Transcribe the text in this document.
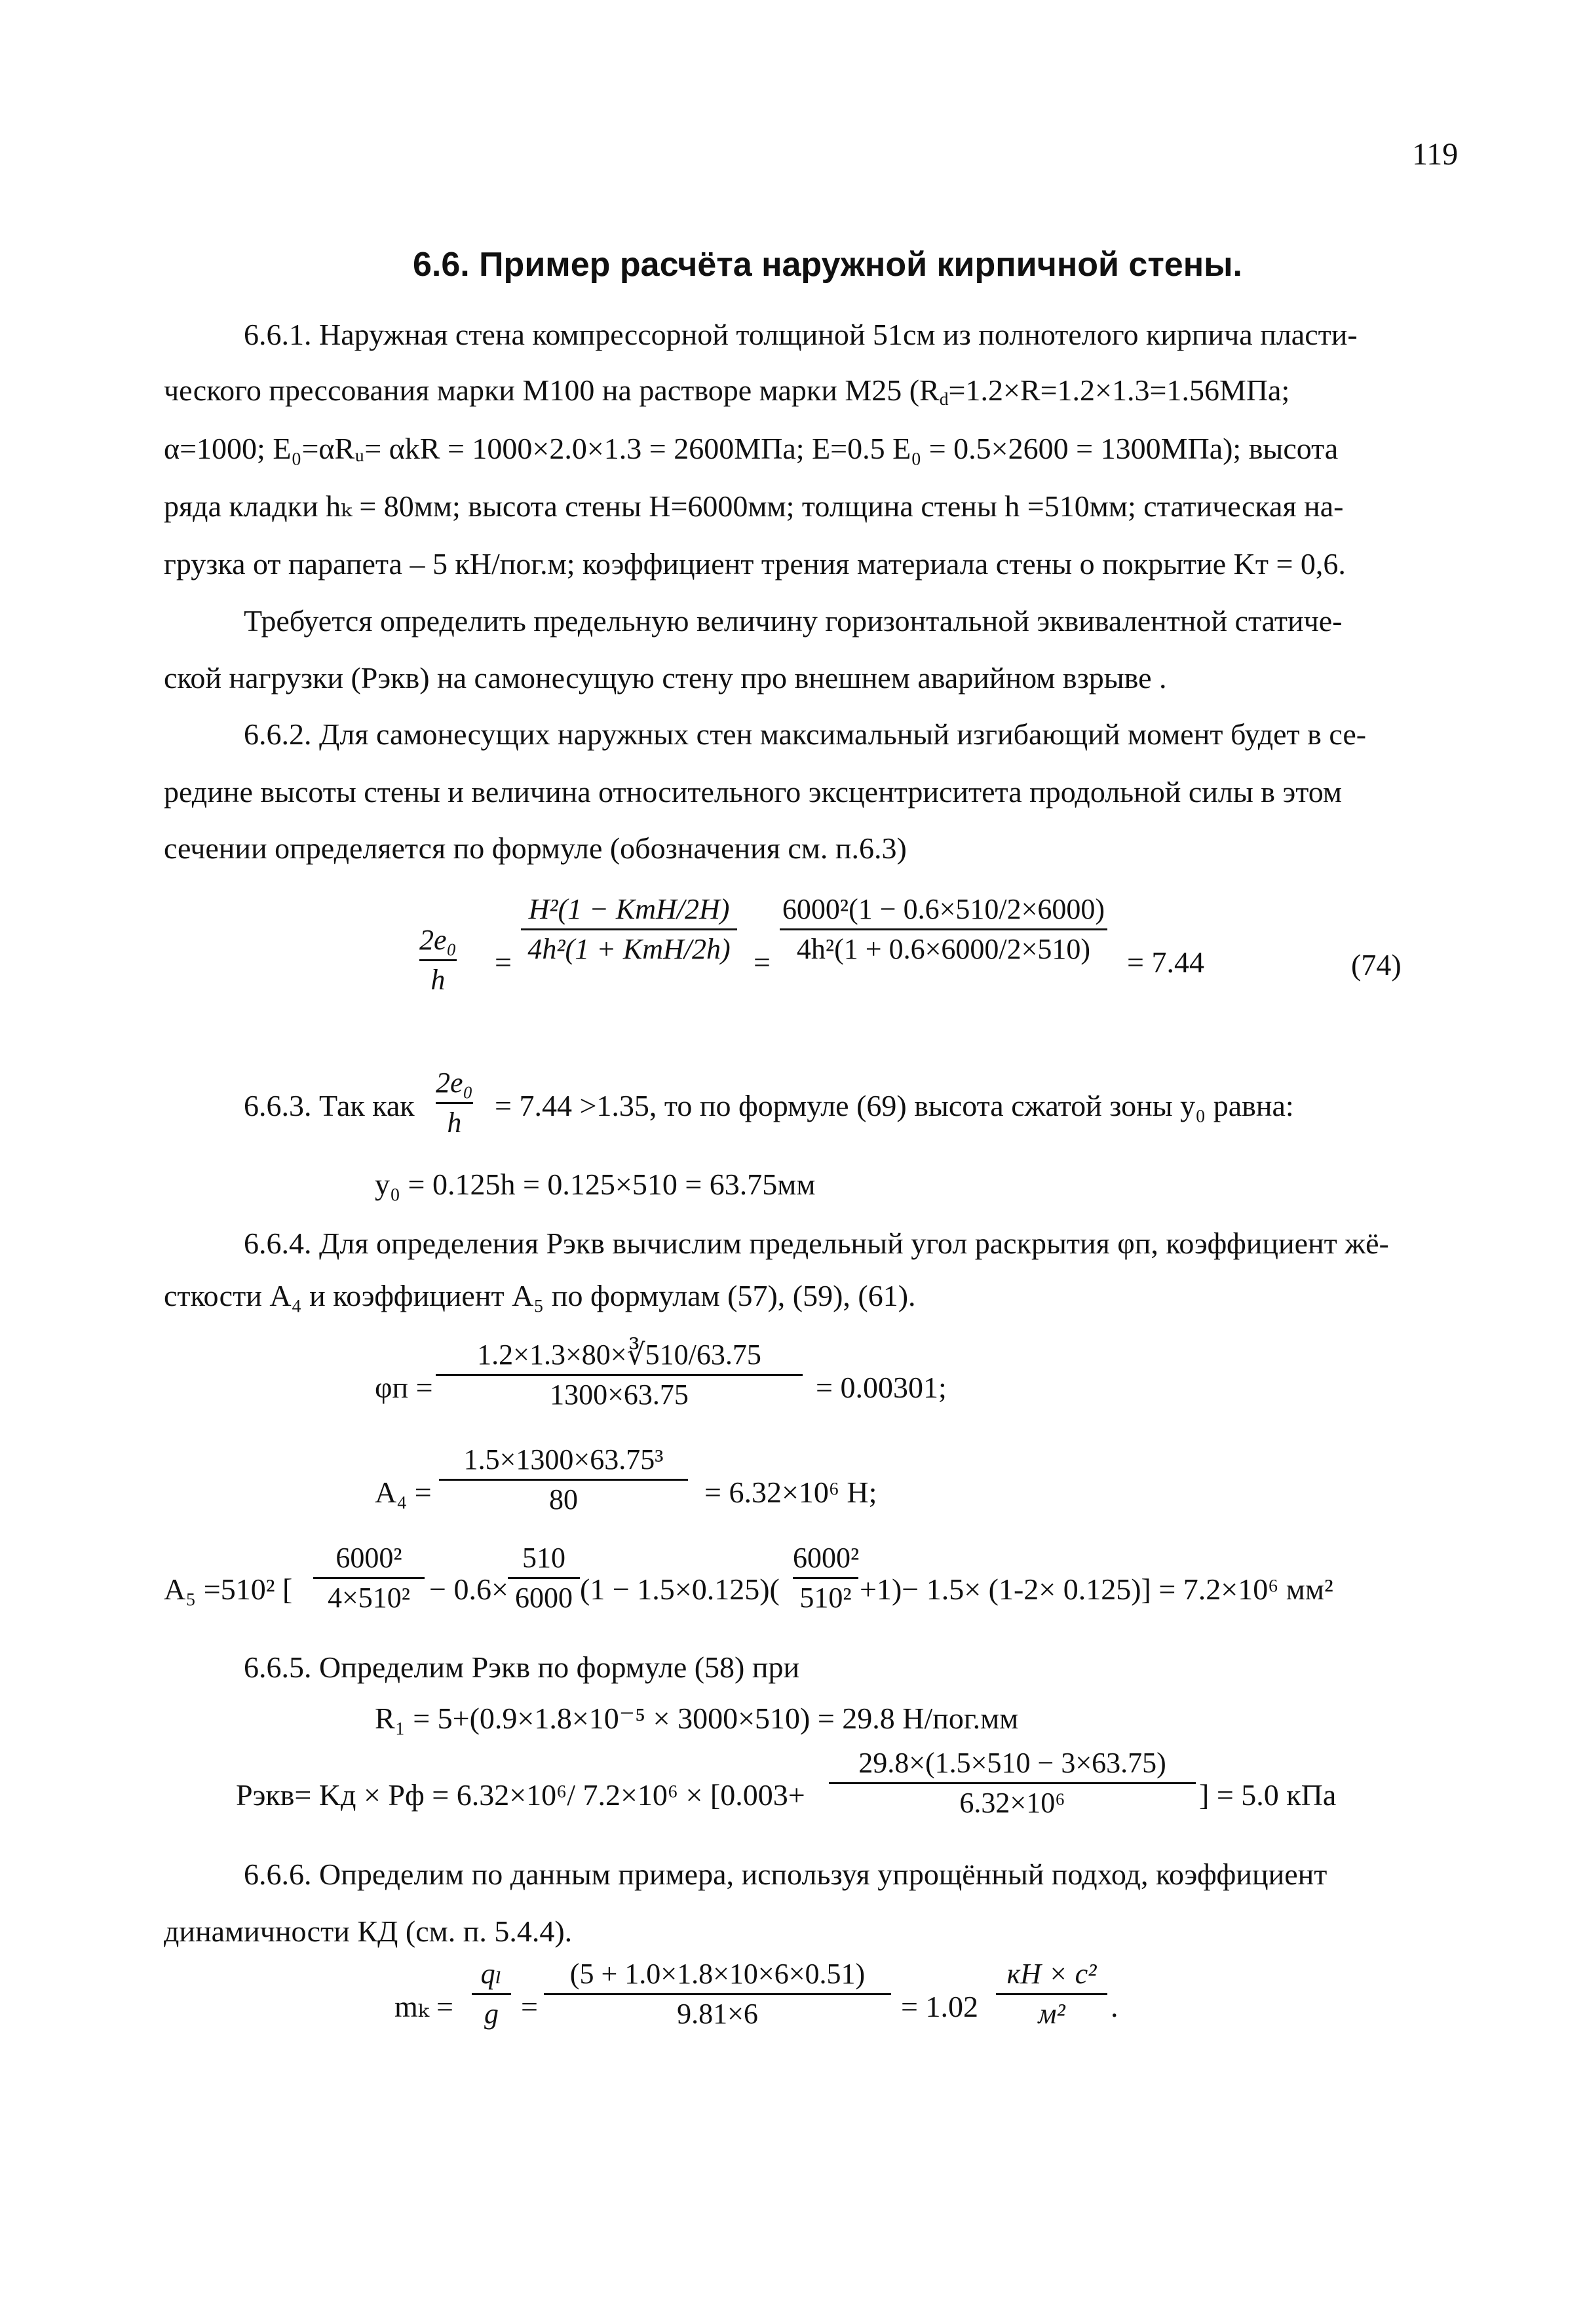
119
6.6. Пример расчёта наружной кирпичной стены.
6.6.1. Наружная стена компрессорной толщиной 51см из полнотелого кирпича пласти-
ческого прессования марки M100 на растворе марки M25 ($R_d=1.2\times R=1.2\times 1.3=1.56МПа$;
α=1000; E₀=αRᵤ= αkR = 1000×2.0×1.3 = 2600МПа; E=0.5 E₀ = 0.5×2600 = 1300МПа); высота
ряда кладки hₖ = 80мм; высота стены H=6000мм; толщина стены h =510мм; статическая на-
грузка от парапета – 5 кН/пог.м; коэффициент трения материала стены о покрытие Kт = 0,6.
Требуется определить предельную величину горизонтальной эквивалентной статиче-
ской нагрузки (Pэкв) на самонесущую стену про внешнем аварийном взрыве .
6.6.2. Для самонесущих наружных стен максимальный изгибающий момент будет в се-
редине высоты стены и величина относительного эксцентриситета продольной силы в этом
сечении определяется по формуле (обозначения см. п.6.3)
2e₀
h
=
H²(1 − KтH/2H)
4h²(1 + KтH/2h) =
6000²(1 − 0.6×510/2×6000)
4h²(1 + 0.6×6000/2×510)	= 7.44	(74)
6.6.3. Так как
2e₀
h
= 7.44 >1.35, то по формуле (69) высота сжатой зоны y₀ равна:
y₀ = 0.125h = 0.125×510 = 63.75мм
6.6.4. Для определения Pэкв вычислим предельный угол раскрытия φп, коэффициент жё-
сткости A₄ и коэффициент A₅ по формулам (57), (59), (61).
φп =
1.2×1.3×80×∛510/63.75
1300×63.75	= 0.00301;
A₄ =
1.5×1300×63.75³
80	= 6.32×10⁶ H;
A₅ =510² [
6000²
4×510² − 0.6×
510
6000 (1 − 1.5×0.125)(
6000²
510² +1)− 1.5× (1-2× 0.125)] = 7.2×10⁶ мм²
6.6.5. Определим Pэкв по формуле (58) при
R₁ = 5+(0.9×1.8×10⁻⁵ × 3000×510) = 29.8 Н/пог.мм
Pэкв= Kд × Pф = 6.32×10⁶/ 7.2×10⁶ × [0.003+
29.8×(1.5×510 − 3×63.75)
6.32×10⁶	] = 5.0 кПа
6.6.6. Определим по данным примера, используя упрощённый подход, коэффициент
динамичности КД (см. п. 5.4.4).
mₖ =
qₗ
g =
(5 + 1.0×1.8×10×6×0.51)
9.81×6	= 1.02
кН × с²
м²	.
